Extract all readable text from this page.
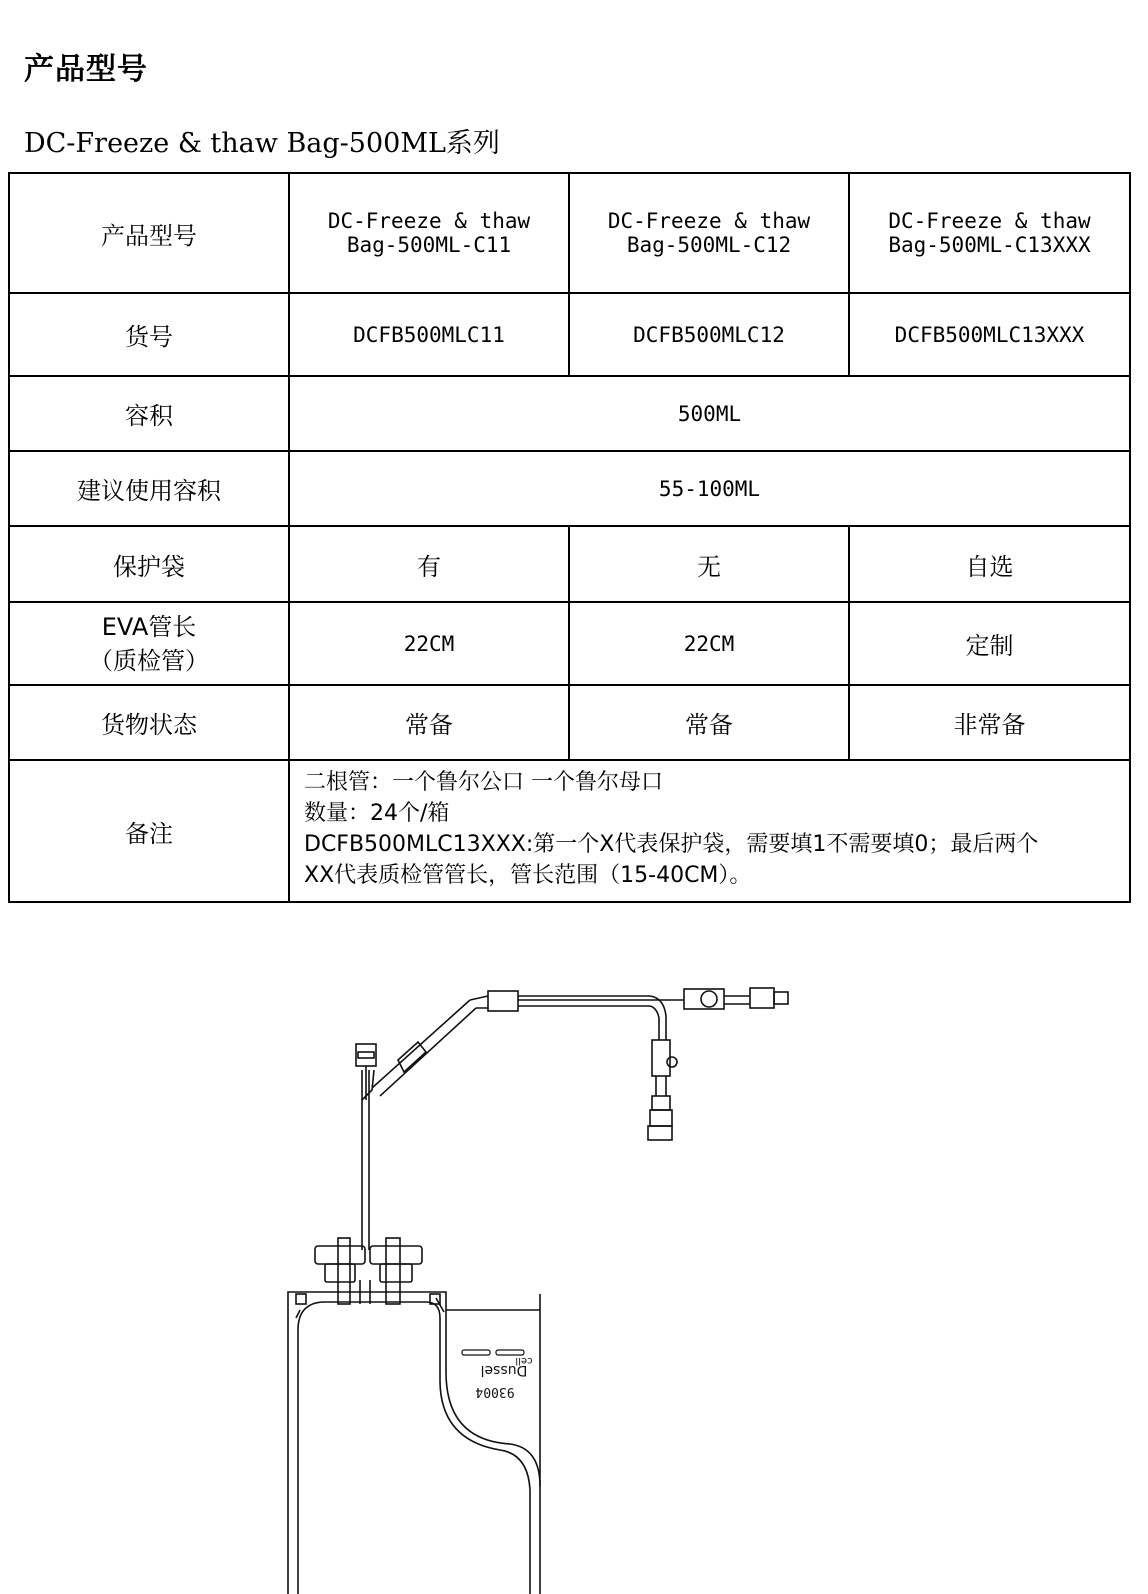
产品型号
DC-Freeze & thaw Bag-500ML系列
产品型号	DC-Freeze & thaw Bag-500ML-C11	DC-Freeze & thaw Bag-500ML-C12	DC-Freeze & thaw Bag-500ML-C13XXX
货号	DCFB500MLC11	DCFB500MLC12	DCFB500MLC13XXX
容积	500ML		
建议使用容积	55-100ML		
保护袋	有	无	自选

EVA管长
（质检管）	22CM	22CM	定制
货物状态	常备	常备	非常备
备注	二根管：一个鲁尔公口 一个鲁尔母口
数量：24个/箱
DCFB500MLC13XXX:第一个X代表保护袋，需要填1不需要填0；最后两个
XX代表质检管管长，管长范围（15-40CM）。		
93004
Dussel
cell
